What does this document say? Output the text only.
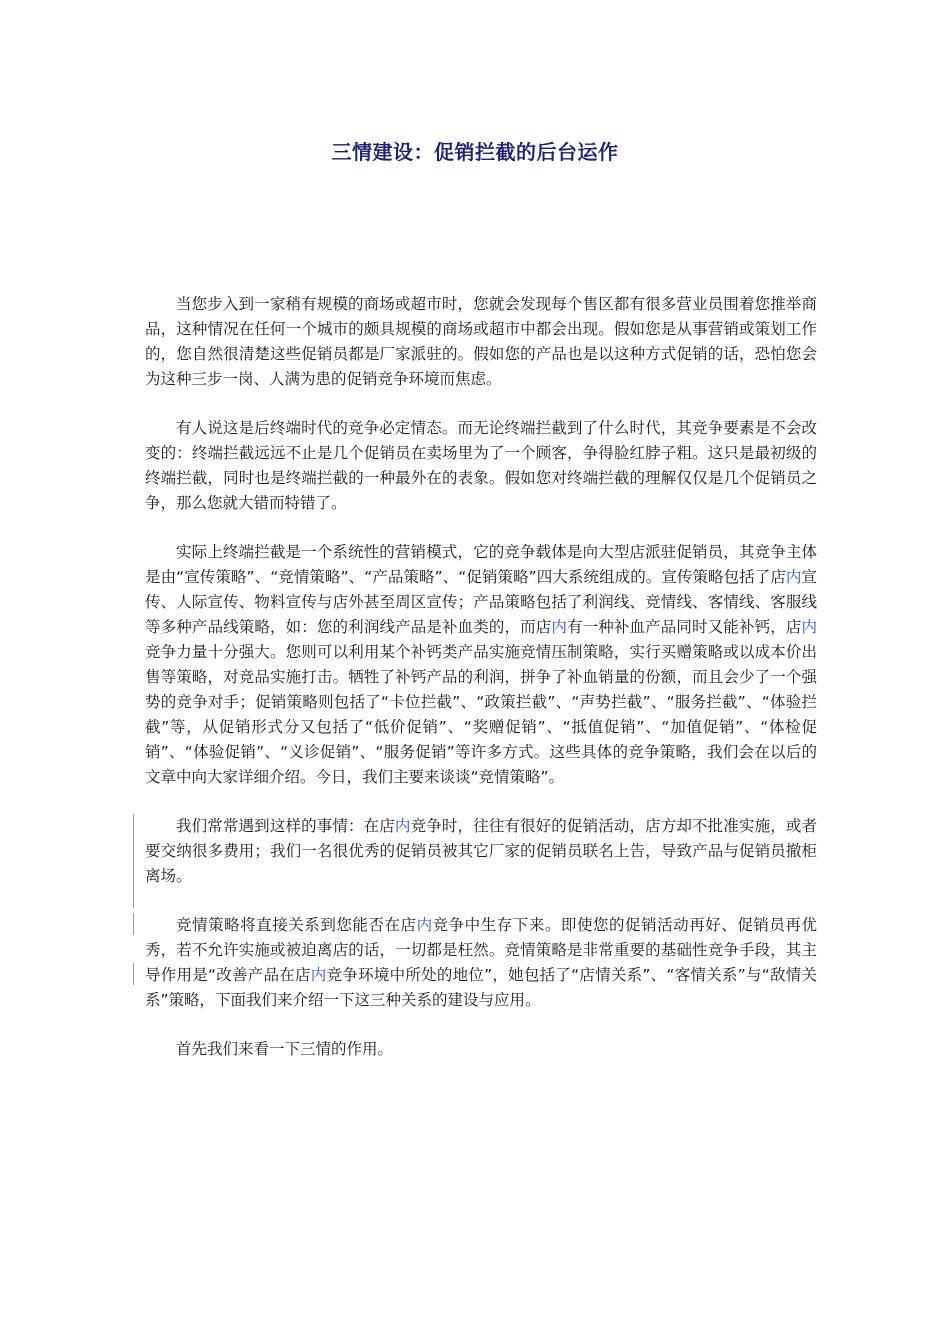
三情建设：促销拦截的后台运作

当您步入到一家稍有规模的商场或超市时，您就会发现每个售区都有很多营业员围着您推举商品，这种情况在任何一个城市的颇具规模的商场或超市中都会出现。假如您是从事营销或策划工作的，您自然很清楚这些促销员都是厂家派驻的。假如您的产品也是以这种方式促销的话，恐怕您会为这种三步一岗、人满为患的促销竞争环境而焦虑。

有人说这是后终端时代的竞争必定情态。而无论终端拦截到了什么时代，其竞争要素是不会改变的：终端拦截远远不止是几个促销员在卖场里为了一个顾客，争得脸红脖子粗。这只是最初级的终端拦截，同时也是终端拦截的一种最外在的表象。假如您对终端拦截的理解仅仅是几个促销员之争，那么您就大错而特错了。

实际上终端拦截是一个系统性的营销模式，它的竞争载体是向大型店派驻促销员，其竞争主体是由“宣传策略”、“竞情策略”、“产品策略”、“促销策略”四大系统组成的。宣传策略包括了店内宣传、人际宣传、物料宣传与店外甚至周区宣传；产品策略包括了利润线、竞情线、客情线、客服线等多种产品线策略，如：您的利润线产品是补血类的，而店内有一种补血产品同时又能补钙，店内竞争力量十分强大。您则可以利用某个补钙类产品实施竞情压制策略，实行买赠策略或以成本价出售等策略，对竞品实施打击。牺牲了补钙产品的利润，拼争了补血销量的份额，而且会少了一个强势的竞争对手；促销策略则包括了“卡位拦截”、“政策拦截”、“声势拦截”、“服务拦截”、“体验拦截”等，从促销形式分又包括了“低价促销”、“奖赠促销”、“抵值促销”、“加值促销”、“体检促销”、“体验促销”、“义诊促销”、“服务促销”等许多方式。这些具体的竞争策略，我们会在以后的文章中向大家详细介绍。今日，我们主要来谈谈“竞情策略”。

我们常常遇到这样的事情：在店内竞争时，往往有很好的促销活动，店方却不批准实施，或者要交纳很多费用；我们一名很优秀的促销员被其它厂家的促销员联名上告，导致产品与促销员撤柜离场。

竞情策略将直接关系到您能否在店内竞争中生存下来。即使您的促销活动再好、促销员再优秀，若不允许实施或被迫离店的话，一切都是枉然。竞情策略是非常重要的基础性竞争手段，其主导作用是“改善产品在店内竞争环境中所处的地位”，她包括了“店情关系”、“客情关系”与“敌情关系”策略，下面我们来介绍一下这三种关系的建设与应用。

首先我们来看一下三情的作用。
